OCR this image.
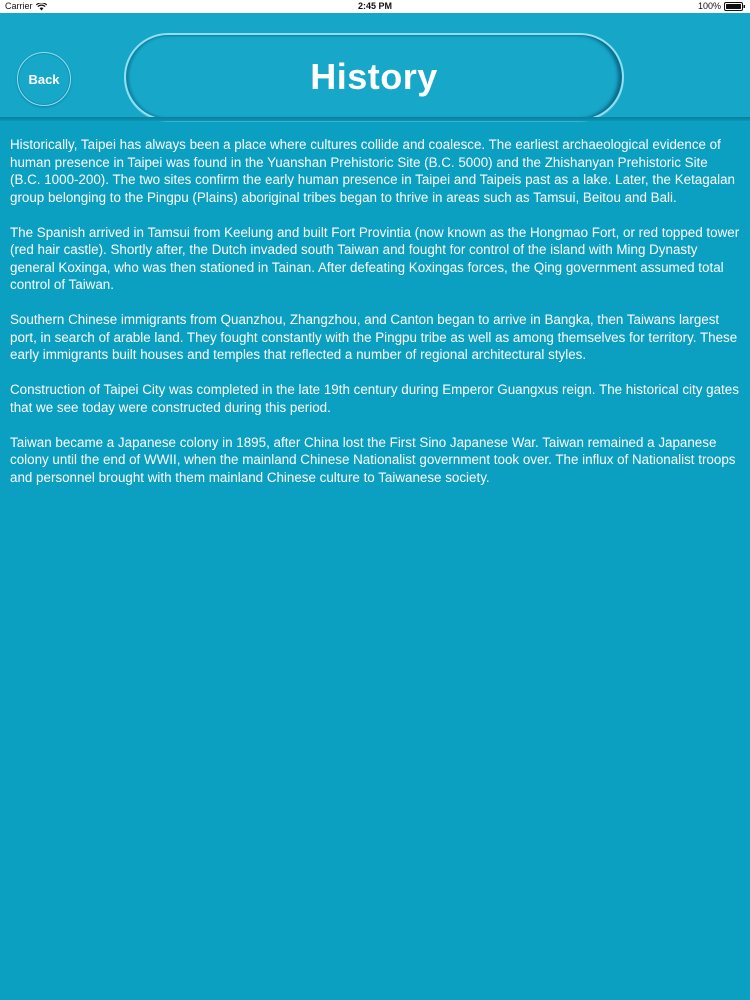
Carrier	2:45 PM	100%
Back	History

Historically, Taipei has always been a place where cultures collide and coalesce. The earliest archaeological evidence of human presence in Taipei was found in the Yuanshan Prehistoric Site (B.C. 5000) and the Zhishanyan Prehistoric Site (B.C. 1000-200). The two sites confirm the early human presence in Taipei and Taipeis past as a lake. Later, the Ketagalan group belonging to the Pingpu (Plains) aboriginal tribes began to thrive in areas such as Tamsui, Beitou and Bali.

The Spanish arrived in Tamsui from Keelung and built Fort Provintia (now known as the Hongmao Fort, or red topped tower (red hair castle). Shortly after, the Dutch invaded south Taiwan and fought for control of the island with Ming Dynasty general Koxinga, who was then stationed in Tainan. After defeating Koxingas forces, the Qing government assumed total control of Taiwan.

Southern Chinese immigrants from Quanzhou, Zhangzhou, and Canton began to arrive in Bangka, then Taiwans largest port, in search of arable land. They fought constantly with the Pingpu tribe as well as among themselves for territory. These early immigrants built houses and temples that reflected a number of regional architectural styles.

Construction of Taipei City was completed in the late 19th century during Emperor Guangxus reign. The historical city gates that we see today were constructed during this period.

Taiwan became a Japanese colony in 1895, after China lost the First Sino Japanese War. Taiwan remained a Japanese colony until the end of WWII, when the mainland Chinese Nationalist government took over. The influx of Nationalist troops and personnel brought with them mainland Chinese culture to Taiwanese society.
